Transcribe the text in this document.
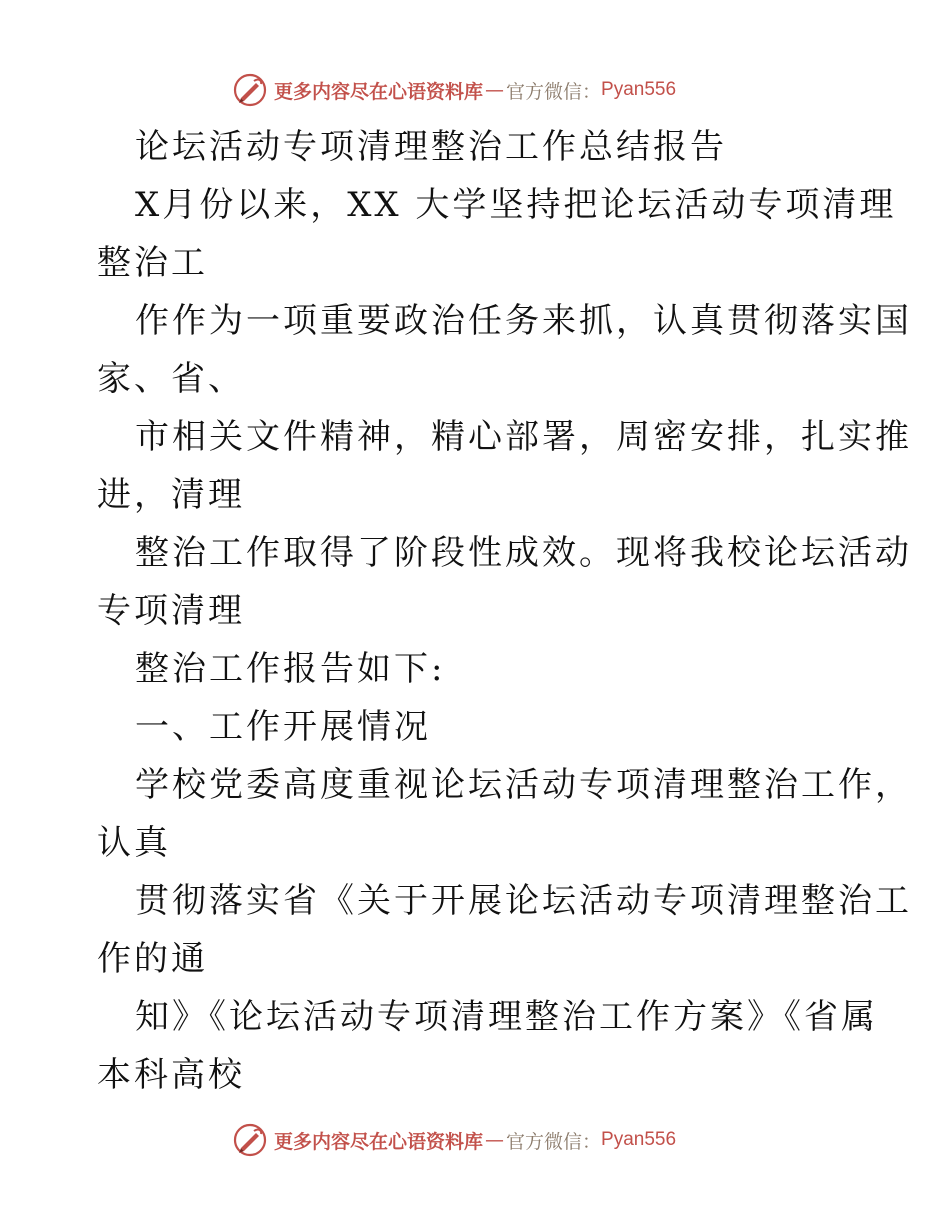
更多内容尽在心语资料库 — 官方微信： Pyan556
论坛活动专项清理整治工作总结报告
X月份以来，XX 大学坚持把论坛活动专项清理
整治工
作作为一项重要政治任务来抓，认真贯彻落实国
家、省、
市相关文件精神，精心部署，周密安排，扎实推
进，清理
整治工作取得了阶段性成效。现将我校论坛活动
专项清理
整治工作报告如下:
一、工作开展情况
学校党委高度重视论坛活动专项清理整治工作，
认真
贯彻落实省《关于开展论坛活动专项清理整治工
作的通
知》《论坛活动专项清理整治工作方案》《省属
本科高校
更多内容尽在心语资料库 — 官方微信： Pyan556
